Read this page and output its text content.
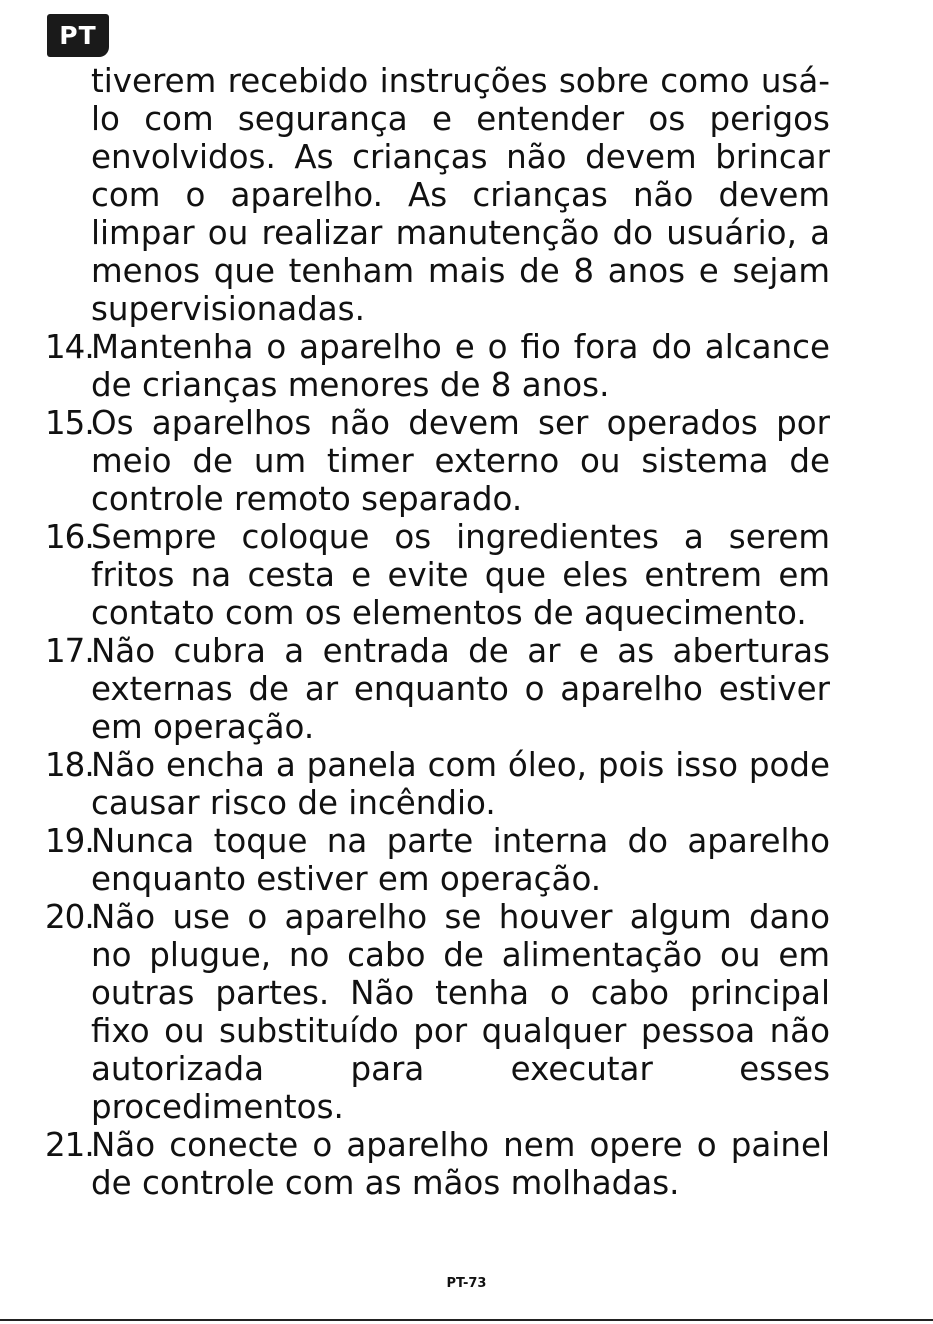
PT

tiverem recebido instruções sobre como usá-lo com segurança e entender os perigos envolvidos. As crianças não devem brincar com o aparelho. As crianças não devem limpar ou realizar manutenção do usuário, a menos que tenham mais de 8 anos e sejam supervisionadas.

14.
Mantenha o aparelho e o fio fora do alcance de crianças menores de 8 anos.
15.
Os aparelhos não devem ser operados por meio de um timer externo ou sistema de controle remoto separado.
16.
Sempre coloque os ingredientes a serem fritos na cesta e evite que eles entrem em contato com os elementos de aquecimento.
17.
Não cubra a entrada de ar e as aberturas externas de ar enquanto o aparelho estiver em operação.
18.
Não encha a panela com óleo, pois isso pode causar risco de incêndio.
19.
Nunca toque na parte interna do aparelho enquanto estiver em operação.
20.
Não use o aparelho se houver algum dano no plugue, no cabo de alimentação ou em outras partes. Não tenha o cabo principal fixo ou substituído por qualquer pessoa não autorizada para executar esses procedimentos.
21.
Não conecte o aparelho nem opere o painel de controle com as mãos molhadas.
PT-73
